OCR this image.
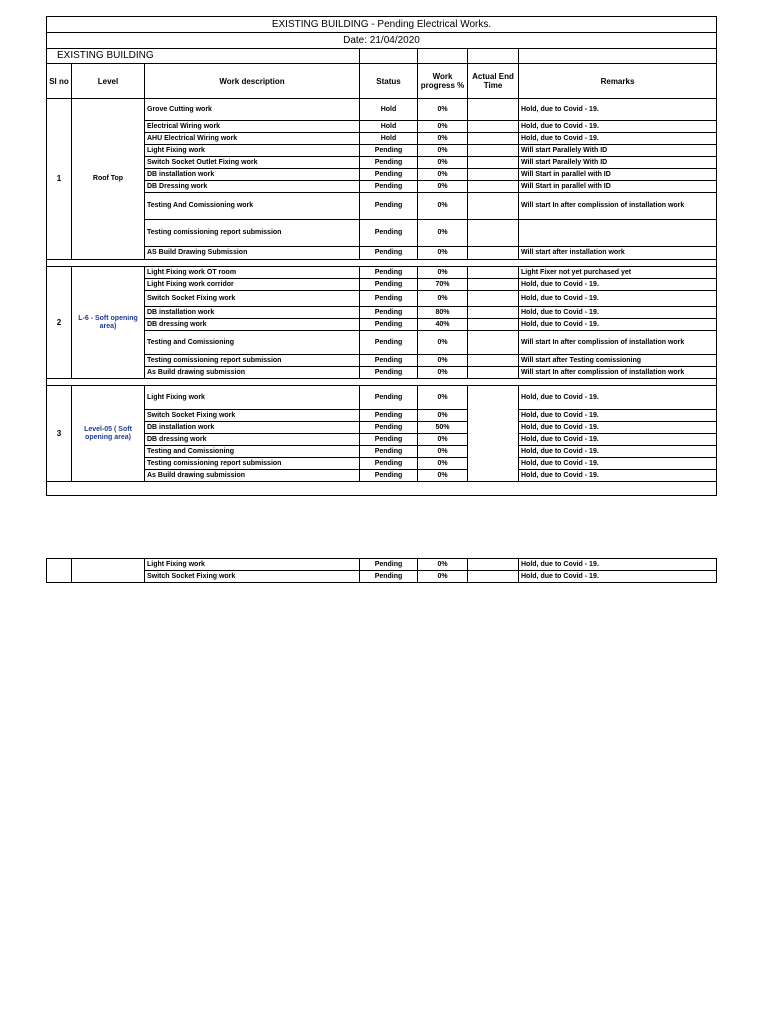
EXISTING BUILDING - Pending Electrical Works.						
Date: 21/04/2020						
EXISTING BUILDING						
Sl no	Level	Work description	Status	Work progress %	Actual End Time	Remarks
1	Roof Top	Grove Cutting work	Hold	0%		Hold, due to Covid - 19.
		Electrical Wiring work	Hold	0%		Hold, due to Covid - 19.
		AHU Electrical Wiring work	Hold	0%		Hold, due to Covid - 19.
		Light Fixing work	Pending	0%		Will start Parallely With ID
		Switch Socket Outlet Fixing work	Pending	0%		Will start Parallely With ID
		DB installation work	Pending	0%		Will Start in parallel with ID
		DB Dressing work	Pending	0%		Will Start in parallel with ID
		Testing And Comissioning work	Pending	0%		Will start In after complission of installation work
		Testing comissioning report submission	Pending	0%		
		AS Build Drawing Submission	Pending	0%		Will start after installation work

2	L-6 - Soft opening area)	Light Fixing work OT room	Pending	0%		Light Fixer not yet purchased yet
		Light Fixing work corridor	Pending	70%		Hold, due to Covid - 19.
		Switch Socket Fixing work	Pending	0%		Hold, due to Covid - 19.
		DB installation work	Pending	80%		Hold, due to Covid - 19.
		DB dressing work	Pending	40%		Hold, due to Covid - 19.
		Testing and Comissioning	Pending	0%		Will start In after complission of installation work
		Testing comissioning report submission	Pending	0%		Will start after Testing comissioning
		As Build drawing submission	Pending	0%		Will start In after complission of installation work

3	Level-05 ( Soft opening area)	Light Fixing work	Pending	0%		Hold, due to Covid - 19.
		Switch Socket Fixing work	Pending	0%		Hold, due to Covid - 19.
		DB installation work	Pending	50%		Hold, due to Covid - 19.
		DB dressing work	Pending	0%		Hold, due to Covid - 19.
		Testing and Comissioning	Pending	0%		Hold, due to Covid - 19.
		Testing comissioning report submission	Pending	0%		Hold, due to Covid - 19.
		As Build drawing submission	Pending	0%		Hold, due to Covid - 19.

		Light Fixing work	Pending	0%		Hold, due to Covid - 19.
		Switch Socket Fixing work	Pending	0%		Hold, due to Covid - 19.
